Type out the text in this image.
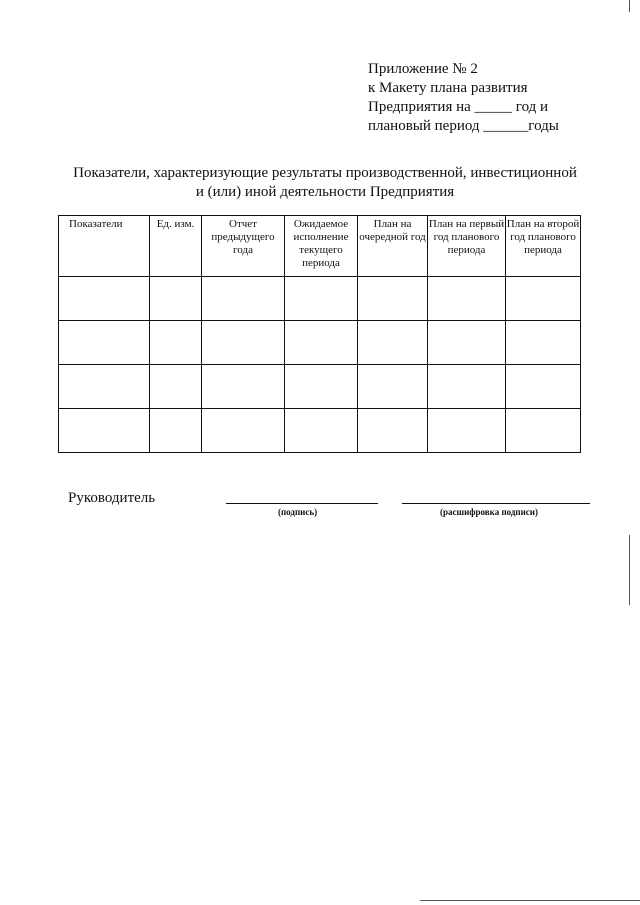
Приложение № 2
к Макету плана развития
Предприятия на _____ год и
плановый период ______годы
Показатели, характеризующие результаты производственной, инвестиционной
и (или) иной деятельности Предприятия
Показатели	Ед. изм.	Отчет предыдущего года	Ожидаемое исполнение текущего периода	План на очередной год	План на первый год планового периода	План на второй год планового периода

Руководитель
(подпись)	(расшифровка подписи)
